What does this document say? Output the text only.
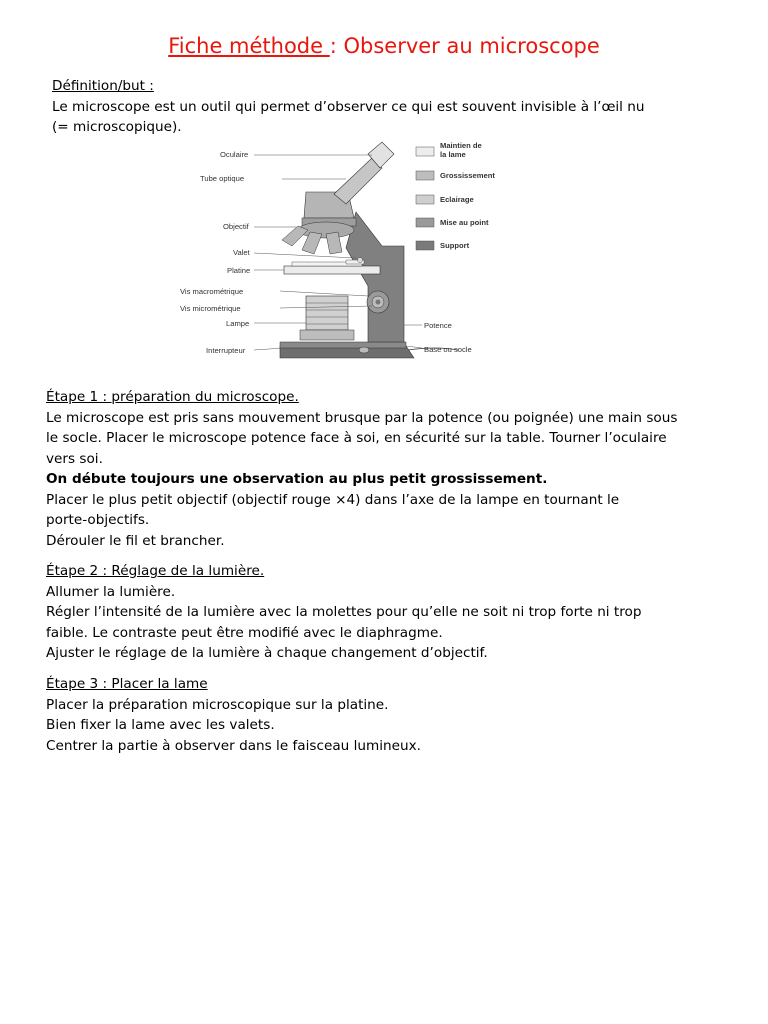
Fiche méthode : Observer au microscope

Définition/but :

Le microscope est un outil qui permet d’observer ce qui est souvent invisible à l’œil nu

(= microscopique).

Oculaire
Tube optique
Objectif
Valet
Platine
Vis macrométrique
Vis micrométrique
Lampe
Interrupteur
Potence
Base ou socle
Maintien de
la lame
Grossissement
Eclairage
Mise au point
Support

Étape 1 : préparation du microscope.

Le microscope est pris sans mouvement brusque par la potence (ou poignée) une main sous

le socle. Placer le microscope potence face à soi, en sécurité sur la table. Tourner l’oculaire

vers soi.

On débute toujours une observation au plus petit grossissement.

Placer le plus petit objectif (objectif rouge ×4) dans l’axe de la lampe en tournant le

porte-objectifs.

Dérouler le fil et brancher.

Étape 2 : Réglage de la lumière.

Allumer la lumière.

Régler l’intensité de la lumière avec la molettes pour qu’elle ne soit ni trop forte ni trop

faible. Le contraste peut être modifié avec le diaphragme.

Ajuster le réglage de la lumière à chaque changement d’objectif.

Étape 3 : Placer la lame

Placer la préparation microscopique sur la platine.

Bien fixer la lame avec les valets.

Centrer la partie à observer dans le faisceau lumineux.
